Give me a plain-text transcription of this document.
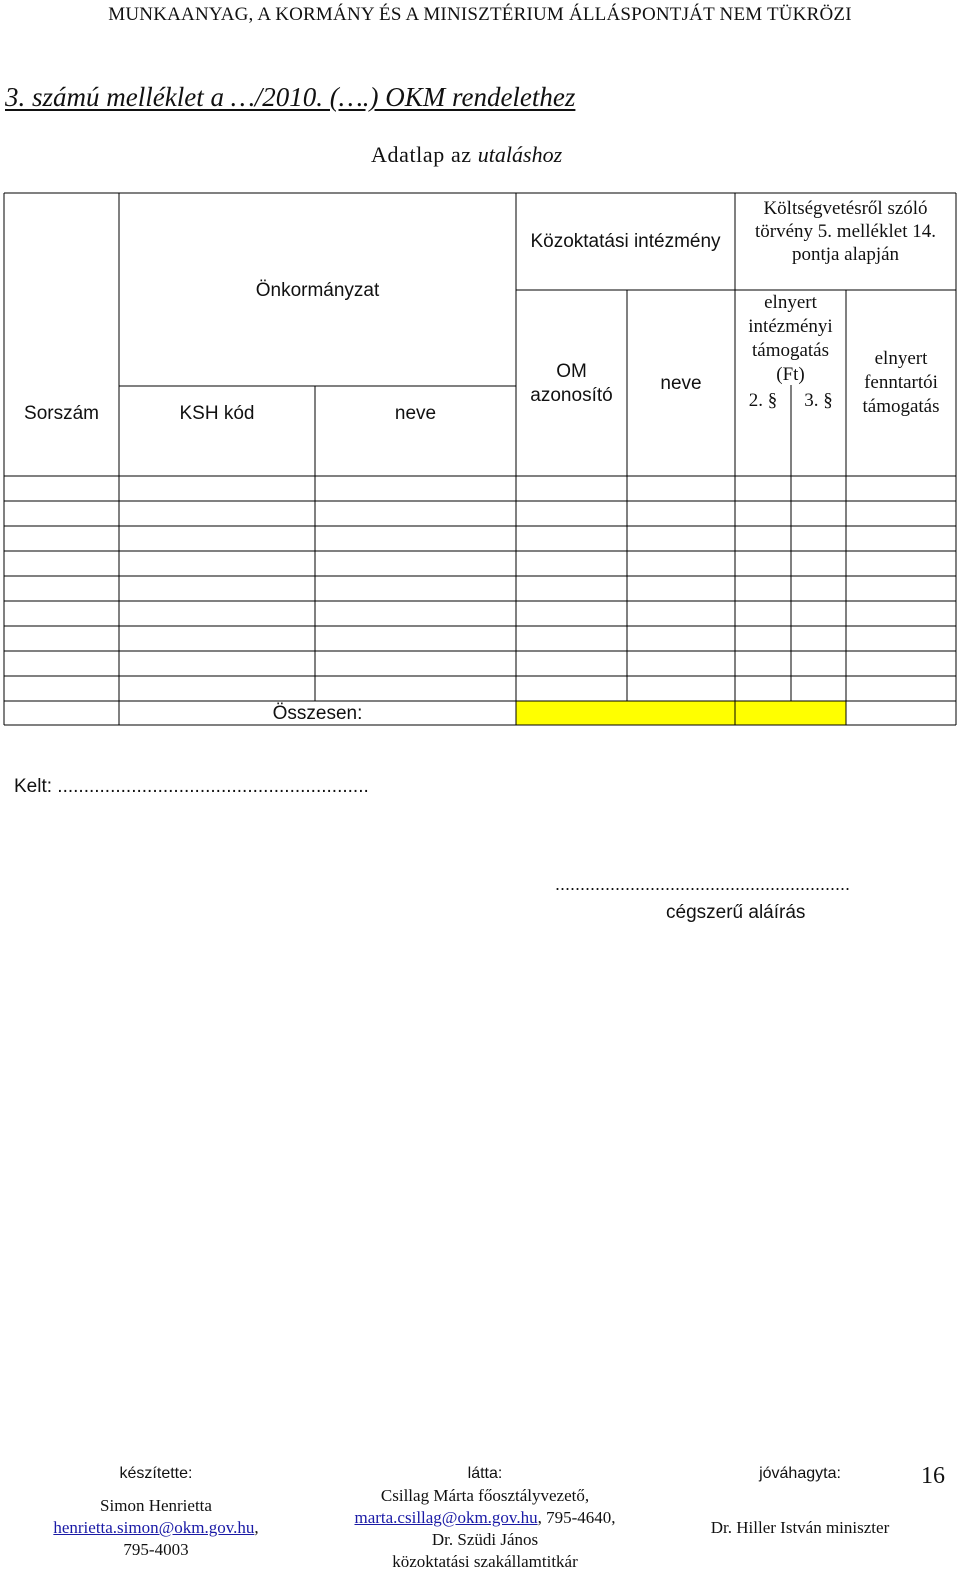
MUNKAANYAG, A KORMÁNY ÉS A MINISZTÉRIUM ÁLLÁSPONTJÁT NEM TÜKRÖZI
3. számú melléklet a …/2010. (….) OKM rendelethez
Adatlap az utaláshoz
Sorszám
Önkormányzat
KSH kód	neve
Közoktatási intézmény
OM
azonosító
neve
Költségvetésről szóló
törvény 5. melléklet 14.
pontja alapján
elnyert
intézményi
támogatás
(Ft)
2. §	3. §
elnyert
fenntartói
támogatás
Összesen:
Kelt: ...........................................................
...........................................................
cégszerű aláírás
készítette:
Simon Henrietta
henrietta.simon@okm.gov.hu,
795-4003
látta:
Csillag Márta főosztályvezető,
marta.csillag@okm.gov.hu, 795-4640,
Dr. Szüdi János
közoktatási szakállamtitkár
jóváhagyta:
Dr. Hiller István miniszter
16
